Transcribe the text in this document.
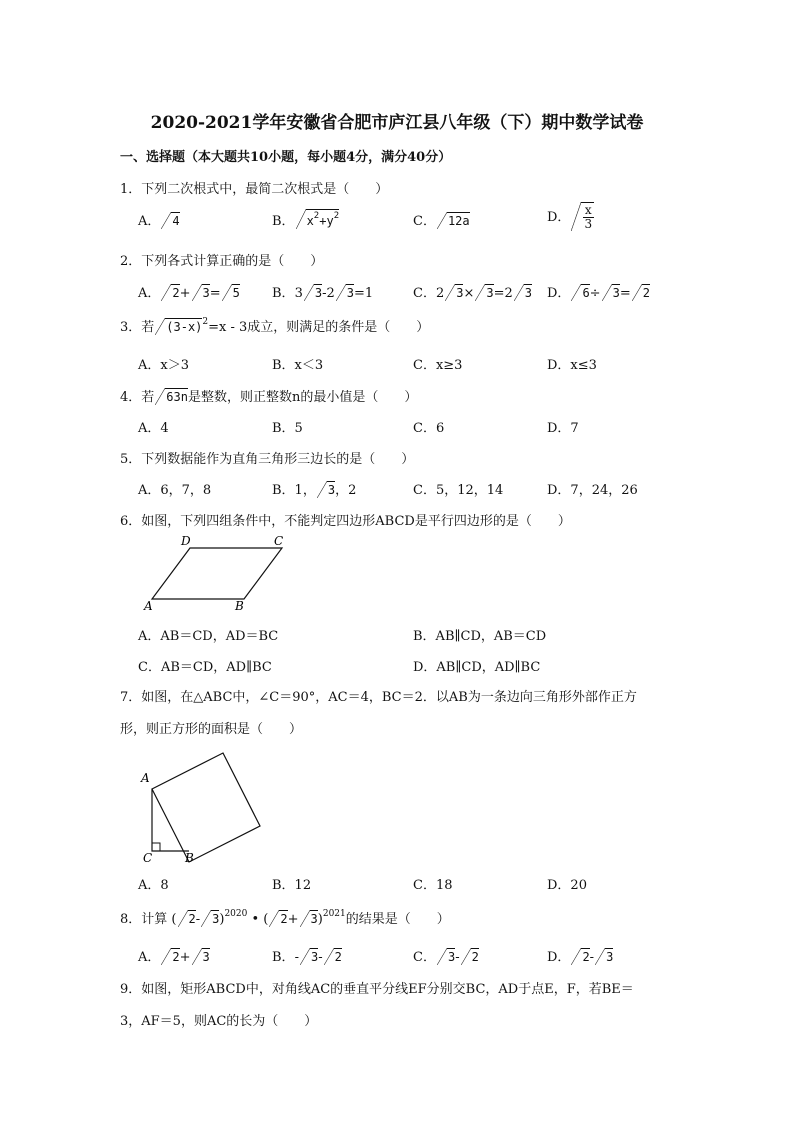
2020-2021学年安徽省合肥市庐江县八年级（下）期中数学试卷
一、选择题（本大题共10小题，每小题4分，满分40分）
1．下列二次根式中，最简二次根式是（　　）
A． 4	B． $x^2+y^2$	C． 12a	D． $\frac{x}{3}$
2．下列各式计算正确的是（　　）
A． 2+ 3= 5 B．3 3-2 3=1	C．2 3× 3=2 3 D． 6÷ 3= 2
3．若 $(3-x)^2=x - 3$成立，则满足的条件是（　　）
A．x＞3	B．x＜3	C．x≥3	D．x≤3
4．若 63n是整数，则正整数n的最小值是（　　）
A．4	B．5	C．6	D．7
5．下列数据能作为直角三角形三边长的是（　　）
A．6，7，8	B．1， 3，2	C．5，12，14	D．7，24，26
6．如图，下列四组条件中，不能判定四边形ABCD是平行四边形的是（　　）
A	B
C
D
A．AB＝CD，AD＝BC	B．AB∥CD，AB＝CD
C．AB＝CD，AD∥BC	D．AB∥CD，AD∥BC
7．如图，在△ABC中，∠C＝90°，AC＝4，BC＝2．以AB为一条边向三角形外部作正方
形，则正方形的面积是（　　）
A
C	B
A．8	B．12	C．18	D．20
8．计算 ( 2- 3)$^{2020}$ • ( 2+ 3)$^{2021}$的结果是（　　）
A． 2+ 3	B．- 3- 2	C． 3- 2	D． 2- 3
9．如图，矩形ABCD中，对角线AC的垂直平分线EF分别交BC，AD于点E，F，若BE＝
3，AF＝5，则AC的长为（　　）
